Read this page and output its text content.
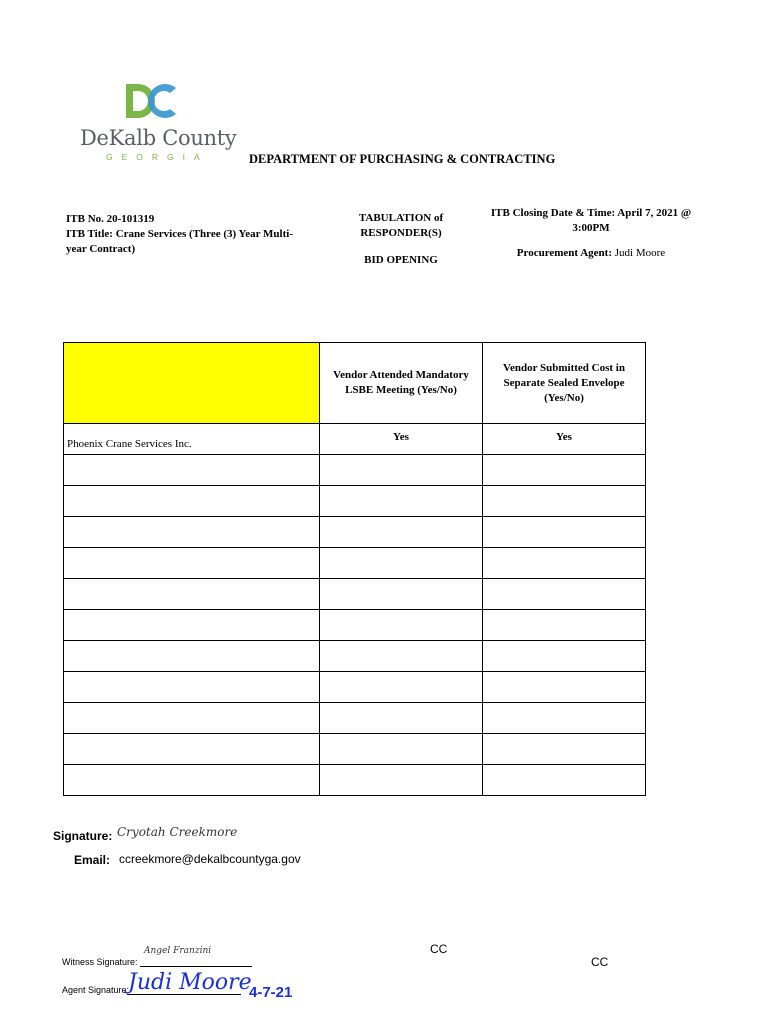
DeKalb County
GEORGIA	DEPARTMENT OF PURCHASING & CONTRACTING
ITB No. 20-101319
ITB Title: Crane Services (Three (3) Year Multi-year Contract)
TABULATION of RESPONDER(S)
BID OPENING
ITB Closing Date & Time: April 7, 2021 @ 3:00PM
Procurement Agent: Judi Moore
	Vendor Attended Mandatory LSBE Meeting (Yes/No)	Vendor Submitted Cost in Separate Sealed Envelope (Yes/No)
Phoenix Crane Services Inc.	Yes	Yes

Signature: Cryotah Creekmore
Email: ccreekmore@dekalbcountyga.gov
CC
CC
Witness Signature:
Angel Franzini
Agent Signature:
Judi Moore
4-7-21
